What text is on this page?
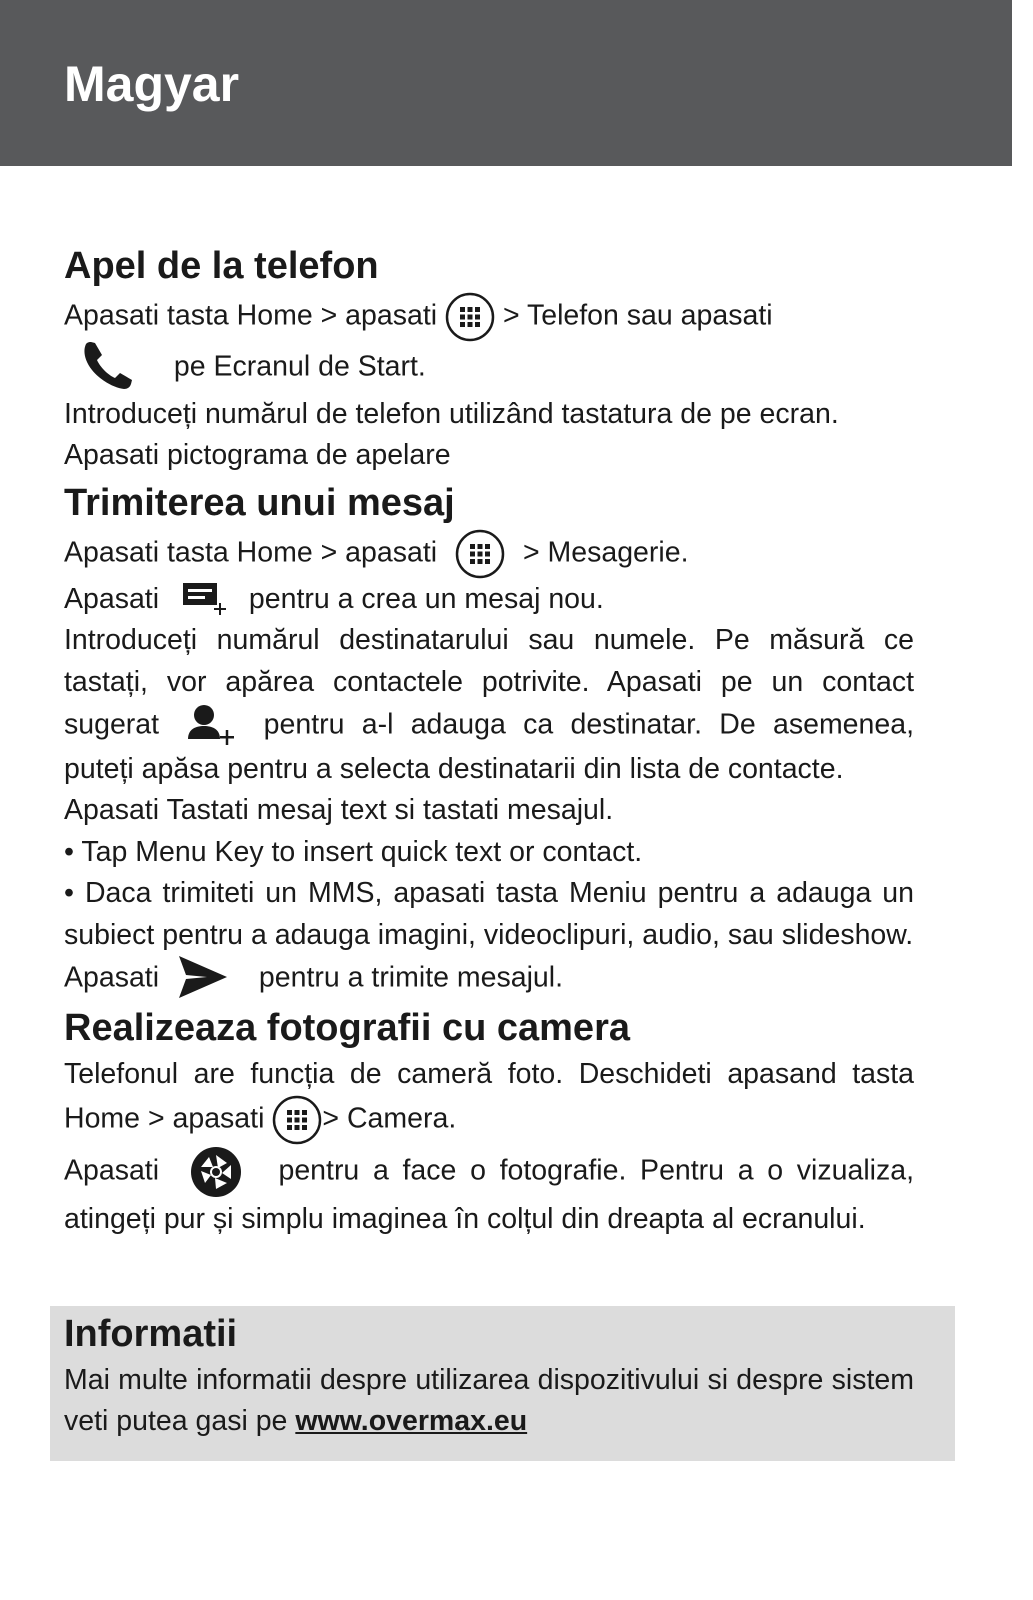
Magyar
Apel de la telefon

Apasati tasta Home > apasati > Telefon sau apasati

pe Ecranul de Start.

Introduceți numărul de telefon utilizând tastatura de pe ecran.

Apasati pictograma de apelare

Trimiterea unui mesaj

Apasati tasta Home > apasati	> Mesagerie.

Apasati	pentru a crea un mesaj nou.

Introduceți numărul destinatarului sau numele. Pe măsură ce tastați, vor apărea contactele potrivite. Apasati pe un contact sugerat	pentru a-l adauga ca destinatar. De asemenea, puteți apăsa pentru a selecta destinatarii din lista de contacte.

Apasati Tastati mesaj text si tastati mesajul.

• Tap Menu Key to insert quick text or contact.

• Daca trimiteti un MMS, apasati tasta Meniu pentru a adauga un subiect pentru a adauga imagini, videoclipuri, audio, sau slideshow.

Apasati	pentru a trimite mesajul.

Realizeaza fotografii cu camera

Telefonul are funcția de cameră foto. Deschideti apasand tasta Home > apasati > Camera.

Apasati	pentru a face o fotografie. Pentru a o vizualiza, atingeți pur și simplu imaginea în colțul din dreapta al ecranului.

Informatii

Mai multe informatii despre utilizarea dispozitivului si despre sistem veti putea gasi pe www.overmax.eu
